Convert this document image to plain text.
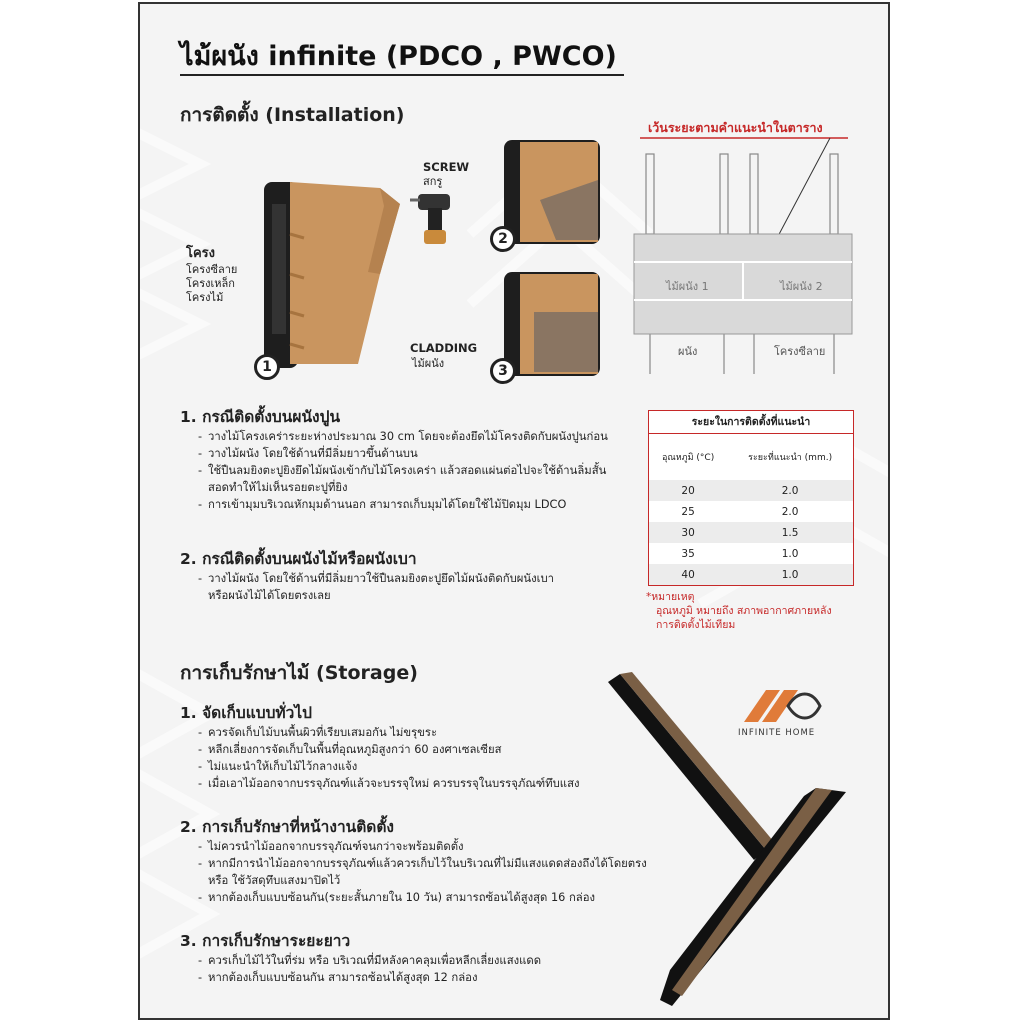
ไม้ผนัง infinite (PDCO , PWCO)
การติดตั้ง (Installation)
SCREW
สกรู
โครง
โครงซีลาย
โครงเหล็ก
โครงไม้
CLADDING
ไม้ผนัง
1
2
3
เว้นระยะตามคำแนะนำในตาราง
ไม้ผนัง 1	ไม้ผนัง 2
ผนัง	โครงซีลาย
1. กรณีติดตั้งบนผนังปูน
- วางไม้โครงเคร่าระยะห่างประมาณ 30 cm โดยจะต้องยึดไม้โครงติดกับผนังปูนก่อน
- วางไม้ผนัง โดยใช้ด้านที่มีลิ่มยาวขึ้นด้านบน
- ใช้ปืนลมยิงตะปูยิงยึดไม้ผนังเข้ากับไม้โครงเคร่า แล้วสอดแผ่นต่อไปจะใช้ด้านลิ่มสั้น
สอดทำให้ไม่เห็นรอยตะปูที่ยิง
- การเข้ามุมบริเวณหักมุมด้านนอก สามารถเก็บมุมได้โดยใช้ไม้ปิดมุม LDCO
2. กรณีติดตั้งบนผนังไม้หรือผนังเบา
- วางไม้ผนัง โดยใช้ด้านที่มีลิ่มยาวใช้ปืนลมยิงตะปูยึดไม้ผนังติดกับผนังเบา
หรือผนังไม้ได้โดยตรงเลย
ระยะในการติดตั้งที่แนะนำ
อุณหภูมิ (°C)	ระยะที่แนะนำ (mm.)
20	2.0
25	2.0
30	1.5
35	1.0
40	1.0
*หมายเหตุ
อุณหภูมิ หมายถึง สภาพอากาศภายหลัง
การติดตั้งไม้เทียม
การเก็บรักษาไม้ (Storage)
1. จัดเก็บแบบทั่วไป
- ควรจัดเก็บไม้บนพื้นผิวที่เรียบเสมอกัน ไม่ขรุขระ
- หลีกเลี่ยงการจัดเก็บในพื้นที่อุณหภูมิสูงกว่า 60 องศาเซลเซียส
- ไม่แนะนำให้เก็บไม้ไว้กลางแจ้ง
- เมื่อเอาไม้ออกจากบรรจุภัณฑ์แล้วจะบรรจุใหม่ ควรบรรจุในบรรจุภัณฑ์ทึบแสง
2. การเก็บรักษาที่หน้างานติดตั้ง
- ไม่ควรนำไม้ออกจากบรรจุภัณฑ์จนกว่าจะพร้อมติดตั้ง
- หากมีการนำไม้ออกจากบรรจุภัณฑ์แล้วควรเก็บไว้ในบริเวณที่ไม่มีแสงแดดส่องถึงได้โดยตรง
หรือ ใช้วัสดุทึบแสงมาปิดไว้
- หากต้องเก็บแบบซ้อนกัน(ระยะสั้นภายใน 10 วัน) สามารถซ้อนได้สูงสุด 16 กล่อง
3. การเก็บรักษาระยะยาว
- ควรเก็บไม้ไว้ในที่ร่ม หรือ บริเวณที่มีหลังคาคลุมเพื่อหลีกเลี่ยงแสงแดด
- หากต้องเก็บแบบซ้อนกัน สามารถซ้อนได้สูงสุด 12 กล่อง
INFINITE HOME
